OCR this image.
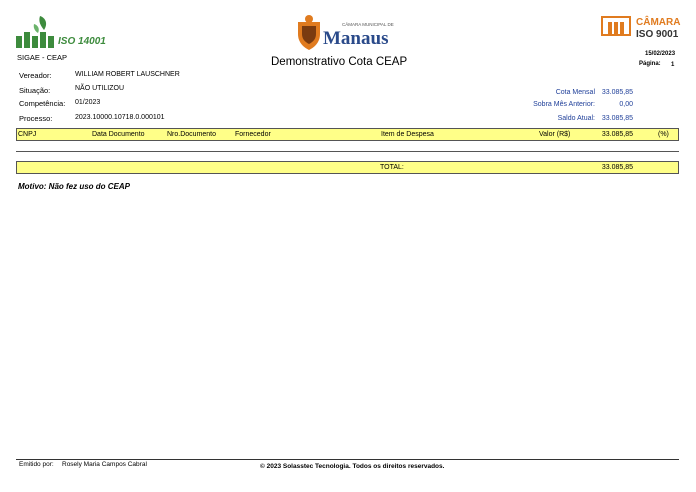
ISO 14001
CÂMARA MUNICIPAL DE
Manaus
CÂMARA
ISO 9001
SIGAE - CEAP	Demonstrativo Cota CEAP
15/02/2023
Página: 1
Vereador:	WILLIAM ROBERT LAUSCHNER
Situação:	NÃO UTILIZOU
Competência: 01/2023
Processo:	2023.10000.10718.0.000101
Cota Mensal 33.085,85
Sobra Mês Anterior:	0,00
Saldo Atual: 33.085,85
CNPJ	Data Documento	Nro.Documento	Fornecedor	Item de Despesa	Valor (R$)	33.085,85	(%)
TOTAL:	33.085,85
Motivo: Não fez uso do CEAP
Emitido por: Rosely Maria Campos Cabral	© 2023 Solasstec Tecnologia. Todos os direitos reservados.
